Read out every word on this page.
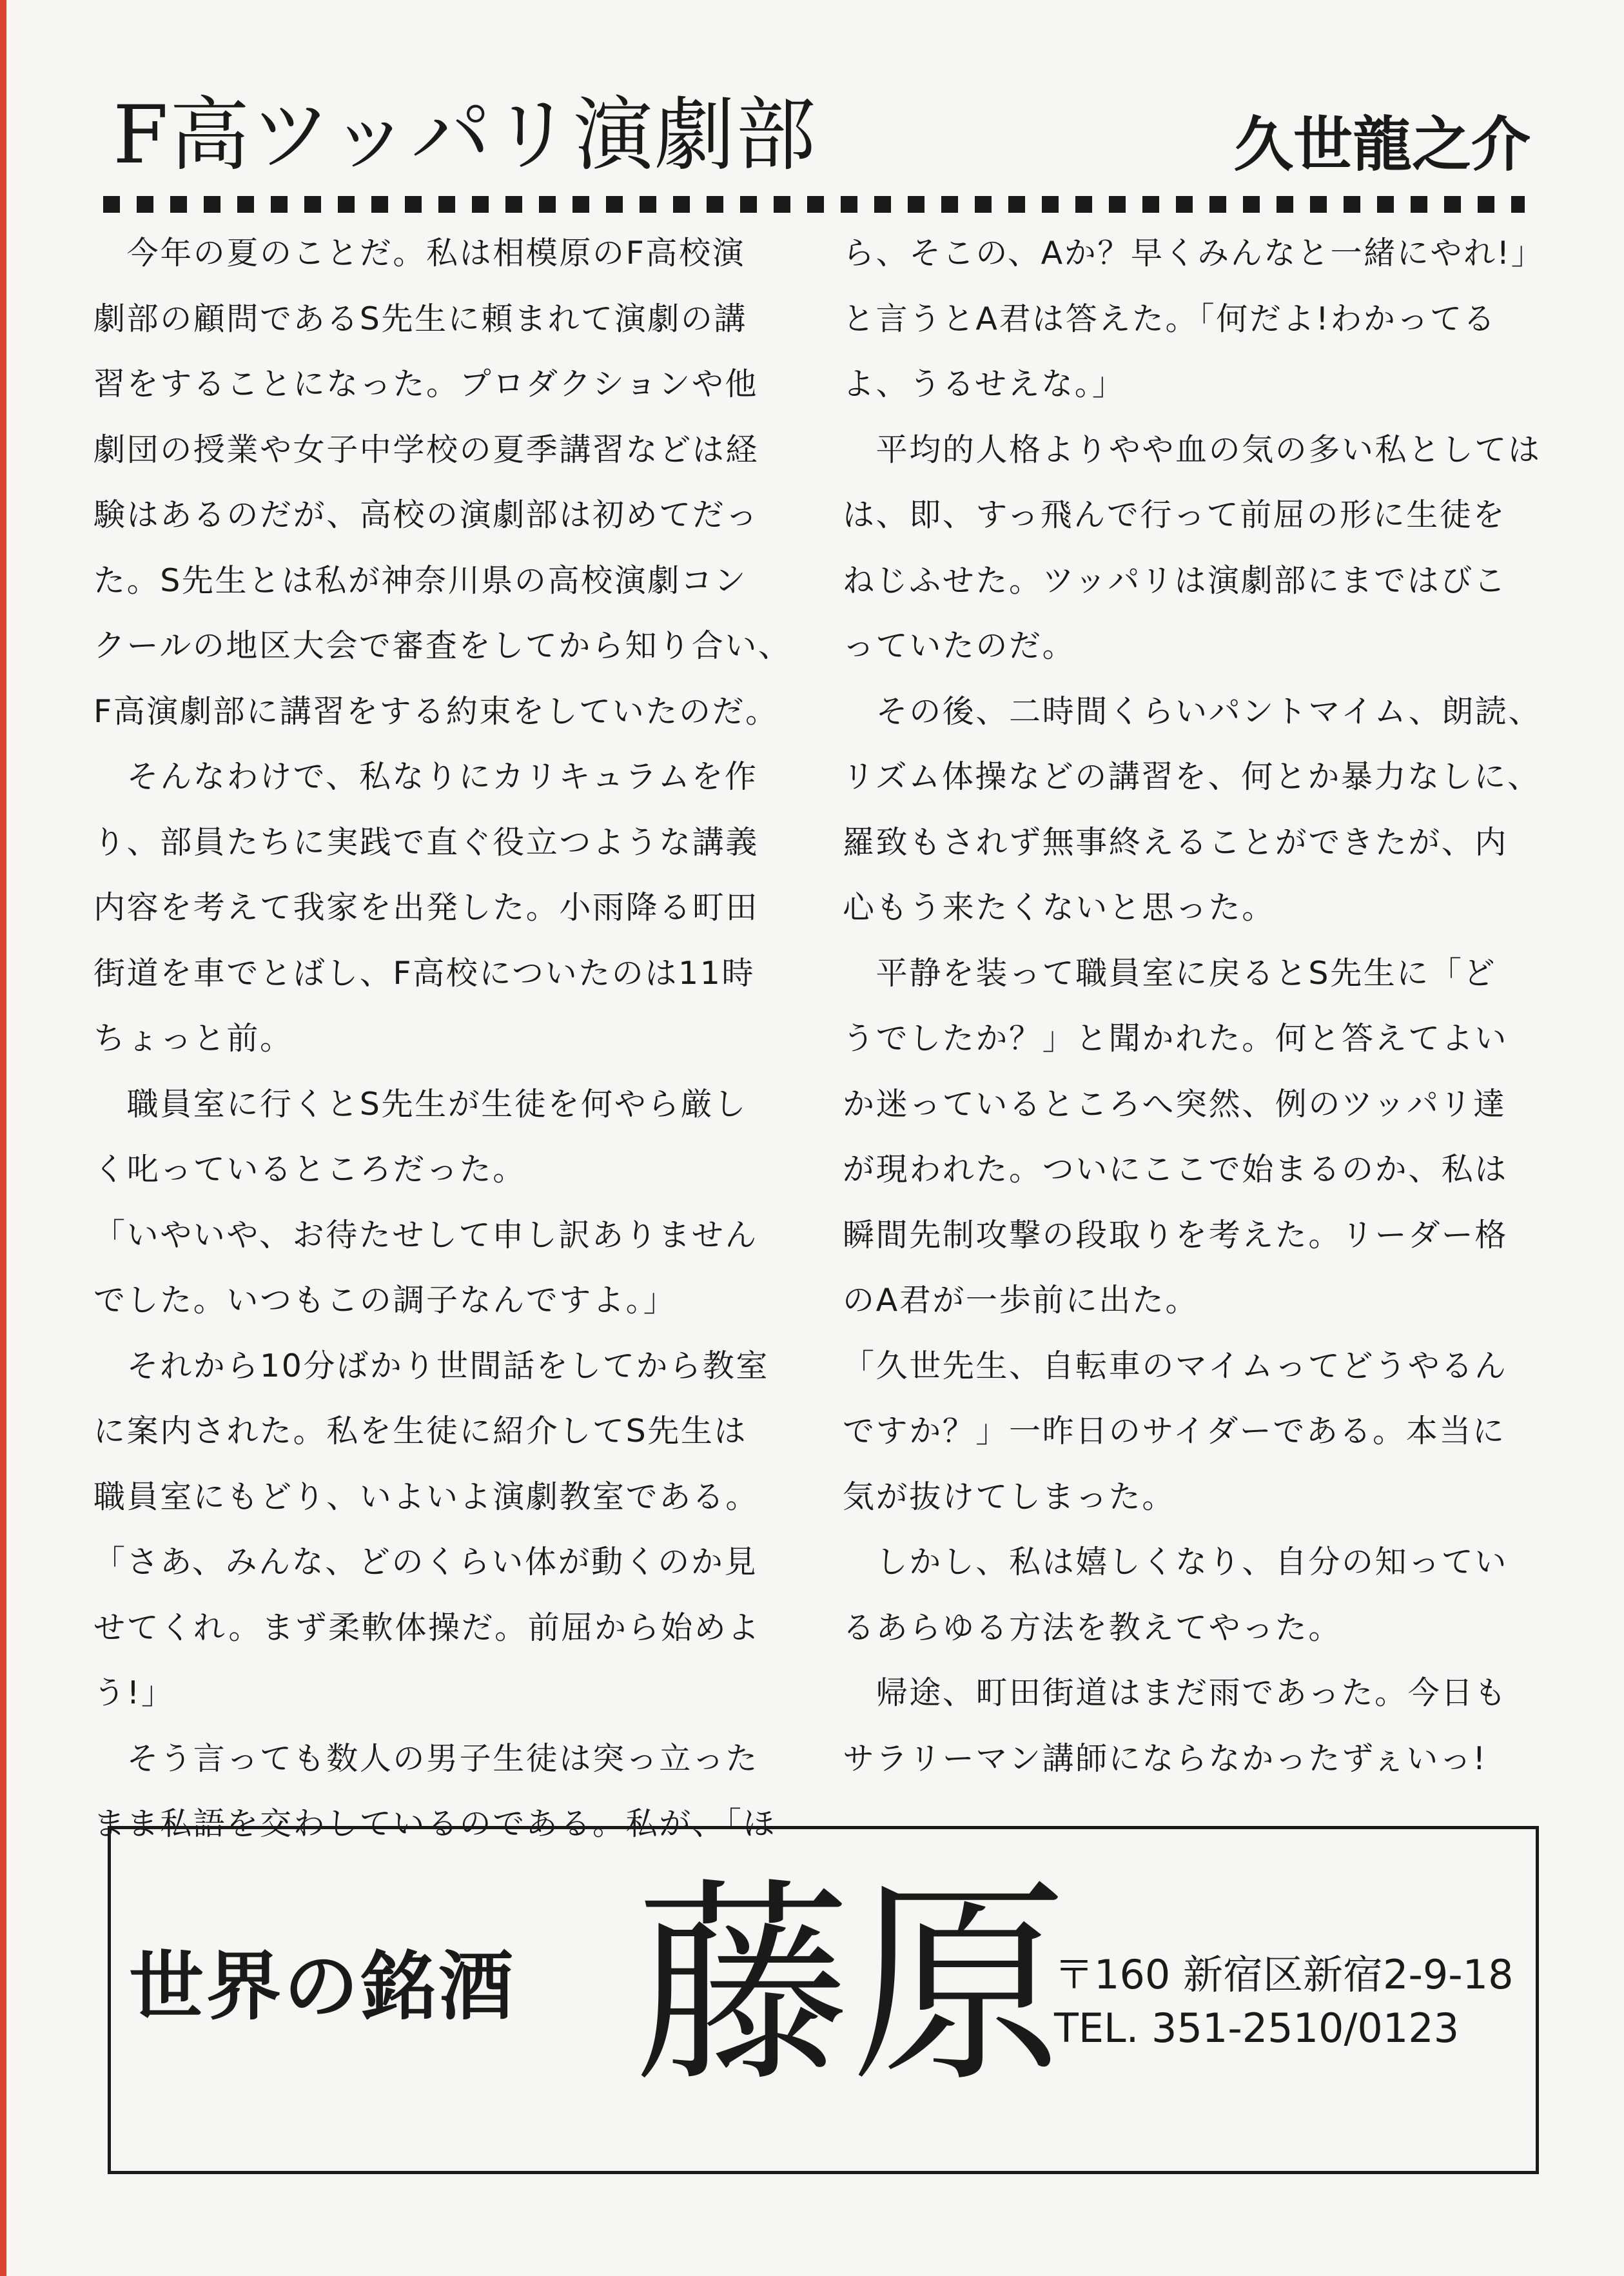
F高ツッパリ演劇部	久世龍之介

　今年の夏のことだ。私は相模原のF高校演

劇部の顧問であるS先生に頼まれて演劇の講

習をすることになった。プロダクションや他

劇団の授業や女子中学校の夏季講習などは経

験はあるのだが、高校の演劇部は初めてだっ

た。S先生とは私が神奈川県の高校演劇コン

クールの地区大会で審査をしてから知り合い、

F高演劇部に講習をする約束をしていたのだ。

　そんなわけで、私なりにカリキュラムを作

り、部員たちに実践で直ぐ役立つような講義

内容を考えて我家を出発した。小雨降る町田

街道を車でとばし、F高校についたのは11時

ちょっと前。

　職員室に行くとS先生が生徒を何やら厳し

く叱っているところだった。

「いやいや、お待たせして申し訳ありません

でした。いつもこの調子なんですよ。」

　それから10分ばかり世間話をしてから教室

に案内された。私を生徒に紹介してS先生は

職員室にもどり、いよいよ演劇教室である。

「さあ、みんな、どのくらい体が動くのか見

せてくれ。まず柔軟体操だ。前屈から始めよ

う!」

　そう言っても数人の男子生徒は突っ立った

まま私語を交わしているのである。私が、「ほ

ら、そこの、Aか？早くみんなと一緒にやれ!」

と言うとA君は答えた。「何だよ!わかってる

よ、うるせえな。」

　平均的人格よりやや血の気の多い私としては

は、即、すっ飛んで行って前屈の形に生徒を

ねじふせた。ツッパリは演劇部にまではびこ

っていたのだ。

　その後、二時間くらいパントマイム、朗読、

リズム体操などの講習を、何とか暴力なしに、

羅致もされず無事終えることができたが、内

心もう来たくないと思った。

　平静を装って職員室に戻るとS先生に「ど

うでしたか？」と聞かれた。何と答えてよい

か迷っているところへ突然、例のツッパリ達

が現われた。ついにここで始まるのか、私は

瞬間先制攻撃の段取りを考えた。リーダー格

のA君が一歩前に出た。

「久世先生、自転車のマイムってどうやるん

ですか？」一昨日のサイダーである。本当に

気が抜けてしまった。

　しかし、私は嬉しくなり、自分の知ってい

るあらゆる方法を教えてやった。

　帰途、町田街道はまだ雨であった。今日も

サラリーマン講師にならなかったずぇいっ!

世界の銘酒 藤原
〒160 新宿区新宿2-9-18
TEL. 351-2510/0123
